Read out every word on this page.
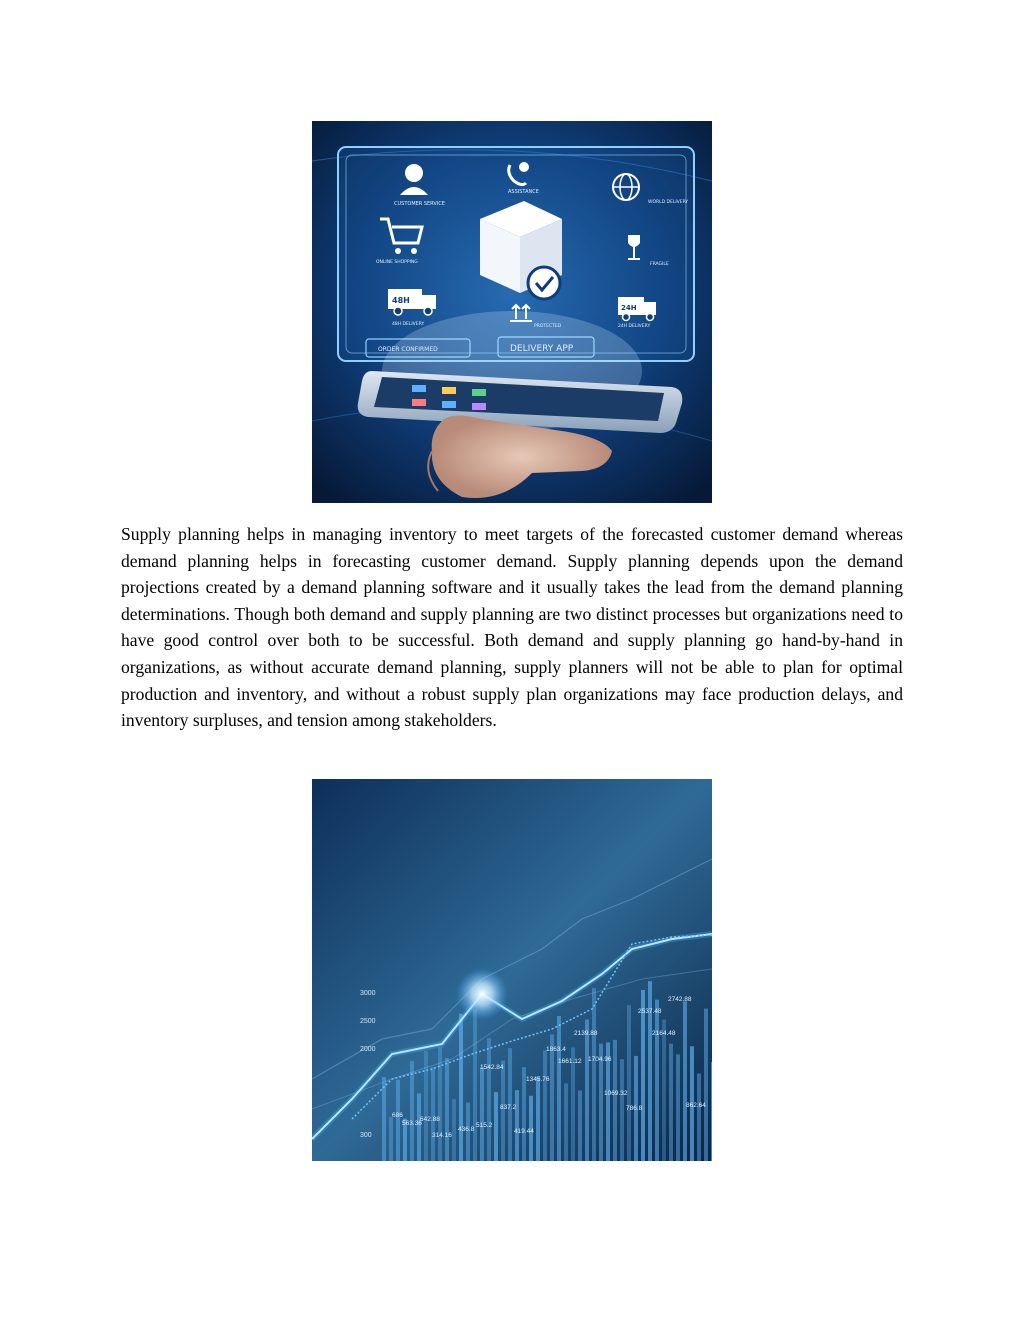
CUSTOMER SERVICE
ASSISTANCE
WORLD DELIVERY
ONLINE SHOPPING	FRAGILE
48H
48H DELIVERY	PROTECTED
24H
24H DELIVERY
ORDER CONFIRMED	DELIVERY APP

Supply planning helps in managing inventory to meet targets of the forecasted customer demand whereas demand planning helps in forecasting customer demand. Supply planning depends upon the demand projections created by a demand planning software and it usually takes the lead from the demand planning determinations. Though both demand and supply planning are two distinct processes but organizations need to have good control over both to be successful. Both demand and supply planning go hand-by-hand in organizations, as without accurate demand planning, supply planners will not be able to plan for optimal production and inventory, and without a robust supply plan organizations may face production delays, and inventory surpluses, and tension among stakeholders.

3000
2500
2000
300
2742.88
2537.48
2139.88	2164.48
1863.4
1661.12 1704.96
1542.84
1345.76
1069.32
837.2	786.8	862.64
686
563.36
642.88
314.16
436.8
515.2
419.44
